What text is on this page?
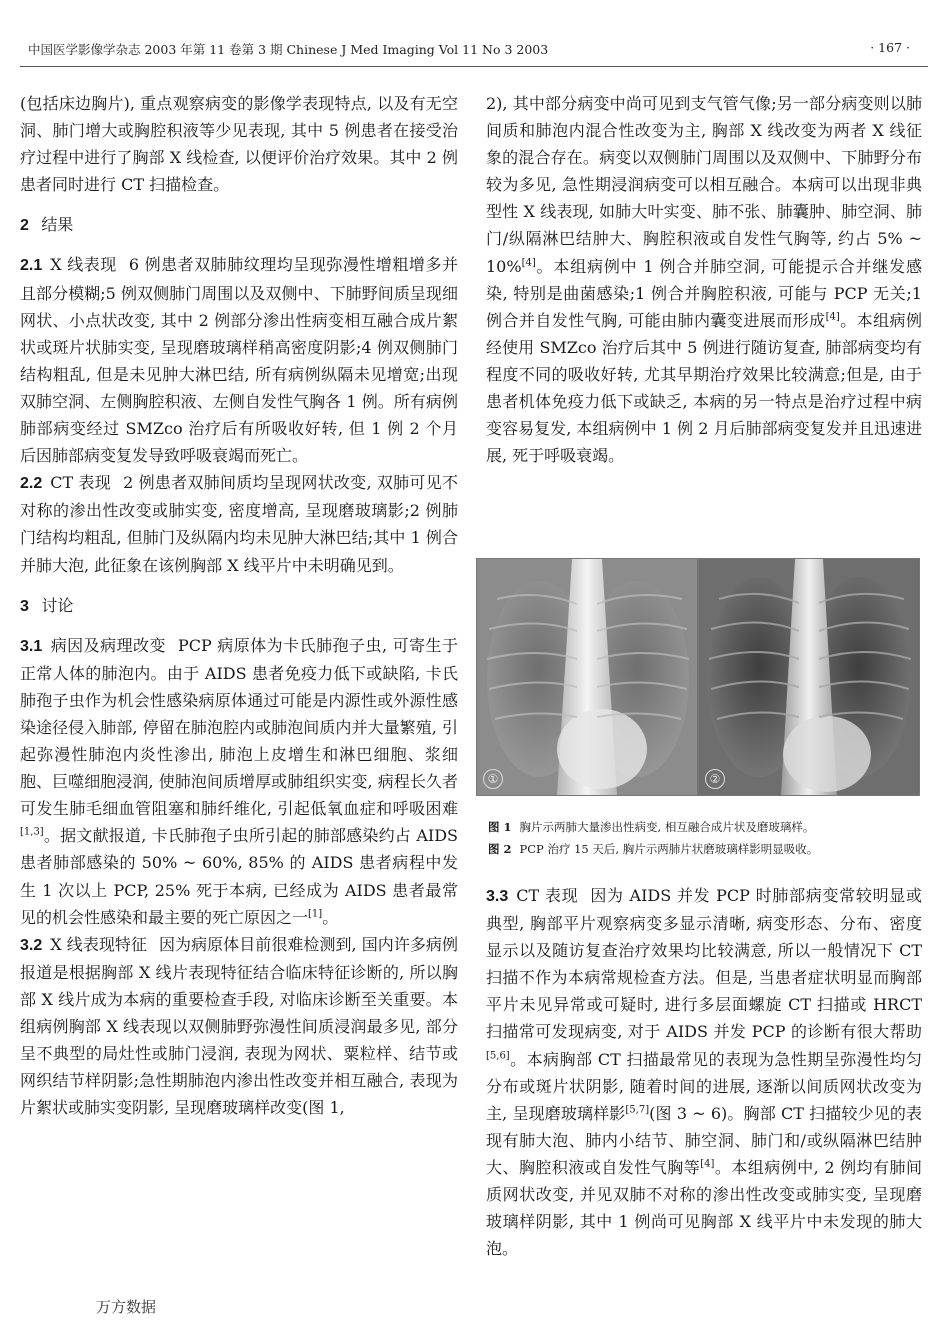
中国医学影像学杂志 2003 年第 11 卷第 3 期 Chinese J Med Imaging Vol 11 No 3 2003	· 167 ·

(包括床边胸片), 重点观察病变的影像学表现特点, 以及有无空洞、肺门增大或胸腔积液等少见表现, 其中 5 例患者在接受治疗过程中进行了胸部 X 线检查, 以便评价治疗效果。其中 2 例患者同时进行 CT 扫描检查。

2 结果

2.1 X 线表现 6 例患者双肺肺纹理均呈现弥漫性增粗增多并且部分模糊;5 例双侧肺门周围以及双侧中、下肺野间质呈现细网状、小点状改变, 其中 2 例部分渗出性病变相互融合成片絮状或斑片状肺实变, 呈现磨玻璃样稍高密度阴影;4 例双侧肺门结构粗乱, 但是未见肿大淋巴结, 所有病例纵隔未见增宽;出现双肺空洞、左侧胸腔积液、左侧自发性气胸各 1 例。所有病例肺部病变经过 SMZco 治疗后有所吸收好转, 但 1 例 2 个月后因肺部病变复发导致呼吸衰竭而死亡。

2.2 CT 表现 2 例患者双肺间质均呈现网状改变, 双肺可见不对称的渗出性改变或肺实变, 密度增高, 呈现磨玻璃影;2 例肺门结构均粗乱, 但肺门及纵隔内均未见肿大淋巴结;其中 1 例合并肺大泡, 此征象在该例胸部 X 线平片中未明确见到。

3 讨论

3.1 病因及病理改变 PCP 病原体为卡氏肺孢子虫, 可寄生于正常人体的肺泡内。由于 AIDS 患者免疫力低下或缺陷, 卡氏肺孢子虫作为机会性感染病原体通过可能是内源性或外源性感染途径侵入肺部, 停留在肺泡腔内或肺泡间质内并大量繁殖, 引起弥漫性肺泡内炎性渗出, 肺泡上皮增生和淋巴细胞、浆细胞、巨噬细胞浸润, 使肺泡间质增厚或肺组织实变, 病程长久者可发生肺毛细血管阻塞和肺纤维化, 引起低氧血症和呼吸困难[1,3]。据文献报道, 卡氏肺孢子虫所引起的肺部感染约占 AIDS 患者肺部感染的 50% ~ 60%, 85% 的 AIDS 患者病程中发生 1 次以上 PCP, 25% 死于本病, 已经成为 AIDS 患者最常见的机会性感染和最主要的死亡原因之一[1]。

3.2 X 线表现特征 因为病原体目前很难检测到, 国内许多病例报道是根据胸部 X 线片表现特征结合临床特征诊断的, 所以胸部 X 线片成为本病的重要检查手段, 对临床诊断至关重要。本组病例胸部 X 线表现以双侧肺野弥漫性间质浸润最多见, 部分呈不典型的局灶性或肺门浸润, 表现为网状、粟粒样、结节或网织结节样阴影;急性期肺泡内渗出性改变并相互融合, 表现为片絮状或肺实变阴影, 呈现磨玻璃样改变(图 1,

2), 其中部分病变中尚可见到支气管气像;另一部分病变则以肺间质和肺泡内混合性改变为主, 胸部 X 线改变为两者 X 线征象的混合存在。病变以双侧肺门周围以及双侧中、下肺野分布较为多见, 急性期浸润病变可以相互融合。本病可以出现非典型性 X 线表现, 如肺大叶实变、肺不张、肺囊肿、肺空洞、肺门/纵隔淋巴结肿大、胸腔积液或自发性气胸等, 约占 5% ~ 10%[4]。本组病例中 1 例合并肺空洞, 可能提示合并继发感染, 特别是曲菌感染;1 例合并胸腔积液, 可能与 PCP 无关;1 例合并自发性气胸, 可能由肺内囊变进展而形成[4]。本组病例经使用 SMZco 治疗后其中 5 例进行随访复查, 肺部病变均有程度不同的吸收好转, 尤其早期治疗效果比较满意;但是, 由于患者机体免疫力低下或缺乏, 本病的另一特点是治疗过程中病变容易复发, 本组病例中 1 例 2 月后肺部病变复发并且迅速进展, 死于呼吸衰竭。

①	②
图 1 胸片示两肺大量渗出性病变, 相互融合成片状及磨玻璃样。
图 2 PCP 治疗 15 天后, 胸片示两肺片状磨玻璃样影明显吸收。

3.3 CT 表现 因为 AIDS 并发 PCP 时肺部病变常较明显或典型, 胸部平片观察病变多显示清晰, 病变形态、分布、密度显示以及随访复查治疗效果均比较满意, 所以一般情况下 CT 扫描不作为本病常规检查方法。但是, 当患者症状明显而胸部平片未见异常或可疑时, 进行多层面螺旋 CT 扫描或 HRCT 扫描常可发现病变, 对于 AIDS 并发 PCP 的诊断有很大帮助[5,6]。本病胸部 CT 扫描最常见的表现为急性期呈弥漫性均匀分布或斑片状阴影, 随着时间的进展, 逐渐以间质网状改变为主, 呈现磨玻璃样影[5,7](图 3 ~ 6)。胸部 CT 扫描较少见的表现有肺大泡、肺内小结节、肺空洞、肺门和/或纵隔淋巴结肿大、胸腔积液或自发性气胸等[4]。本组病例中, 2 例均有肺间质网状改变, 并见双肺不对称的渗出性改变或肺实变, 呈现磨玻璃样阴影, 其中 1 例尚可见胸部 X 线平片中未发现的肺大泡。

万方数据
